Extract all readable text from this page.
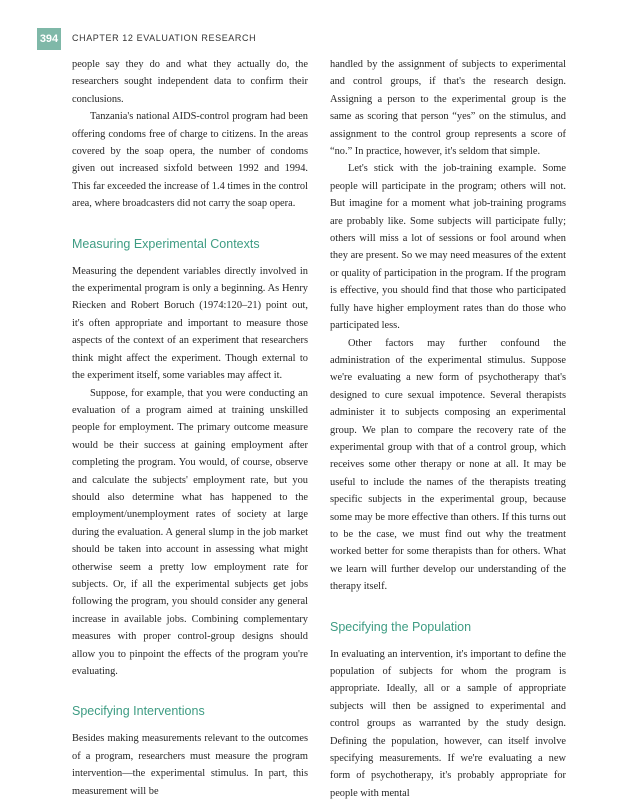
394	CHAPTER 12 EVALUATION RESEARCH

people say they do and what they actually do, the researchers sought independent data to confirm their conclusions.

Tanzania's national AIDS-control program had been offering condoms free of charge to citizens. In the areas covered by the soap opera, the number of condoms given out increased sixfold between 1992 and 1994. This far exceeded the increase of 1.4 times in the control area, where broadcasters did not carry the soap opera.

Measuring Experimental Contexts

Measuring the dependent variables directly involved in the experimental program is only a beginning. As Henry Riecken and Robert Boruch (1974:120–21) point out, it's often appropriate and important to measure those aspects of the context of an experiment that researchers think might affect the experiment. Though external to the experiment itself, some variables may affect it.

Suppose, for example, that you were conducting an evaluation of a program aimed at training unskilled people for employment. The primary outcome measure would be their success at gaining employment after completing the program. You would, of course, observe and calculate the subjects' employment rate, but you should also determine what has happened to the employment/unemployment rates of society at large during the evaluation. A general slump in the job market should be taken into account in assessing what might otherwise seem a pretty low employment rate for subjects. Or, if all the experimental subjects get jobs following the program, you should consider any general increase in available jobs. Combining complementary measures with proper control-group designs should allow you to pinpoint the effects of the program you're evaluating.

Specifying Interventions

Besides making measurements relevant to the outcomes of a program, researchers must measure the program intervention—the experimental stimulus. In part, this measurement will be

handled by the assignment of subjects to experimental and control groups, if that's the research design. Assigning a person to the experimental group is the same as scoring that person “yes” on the stimulus, and assignment to the control group represents a score of “no.” In practice, however, it's seldom that simple.

Let's stick with the job-training example. Some people will participate in the program; others will not. But imagine for a moment what job-training programs are probably like. Some subjects will participate fully; others will miss a lot of sessions or fool around when they are present. So we may need measures of the extent or quality of participation in the program. If the program is effective, you should find that those who participated fully have higher employment rates than do those who participated less.

Other factors may further confound the administration of the experimental stimulus. Suppose we're evaluating a new form of psychotherapy that's designed to cure sexual impotence. Several therapists administer it to subjects composing an experimental group. We plan to compare the recovery rate of the experimental group with that of a control group, which receives some other therapy or none at all. It may be useful to include the names of the therapists treating specific subjects in the experimental group, because some may be more effective than others. If this turns out to be the case, we must find out why the treatment worked better for some therapists than for others. What we learn will further develop our understanding of the therapy itself.

Specifying the Population

In evaluating an intervention, it's important to define the population of subjects for whom the program is appropriate. Ideally, all or a sample of appropriate subjects will then be assigned to experimental and control groups as warranted by the study design. Defining the population, however, can itself involve specifying measurements. If we're evaluating a new form of psychotherapy, it's probably appropriate for people with mental
